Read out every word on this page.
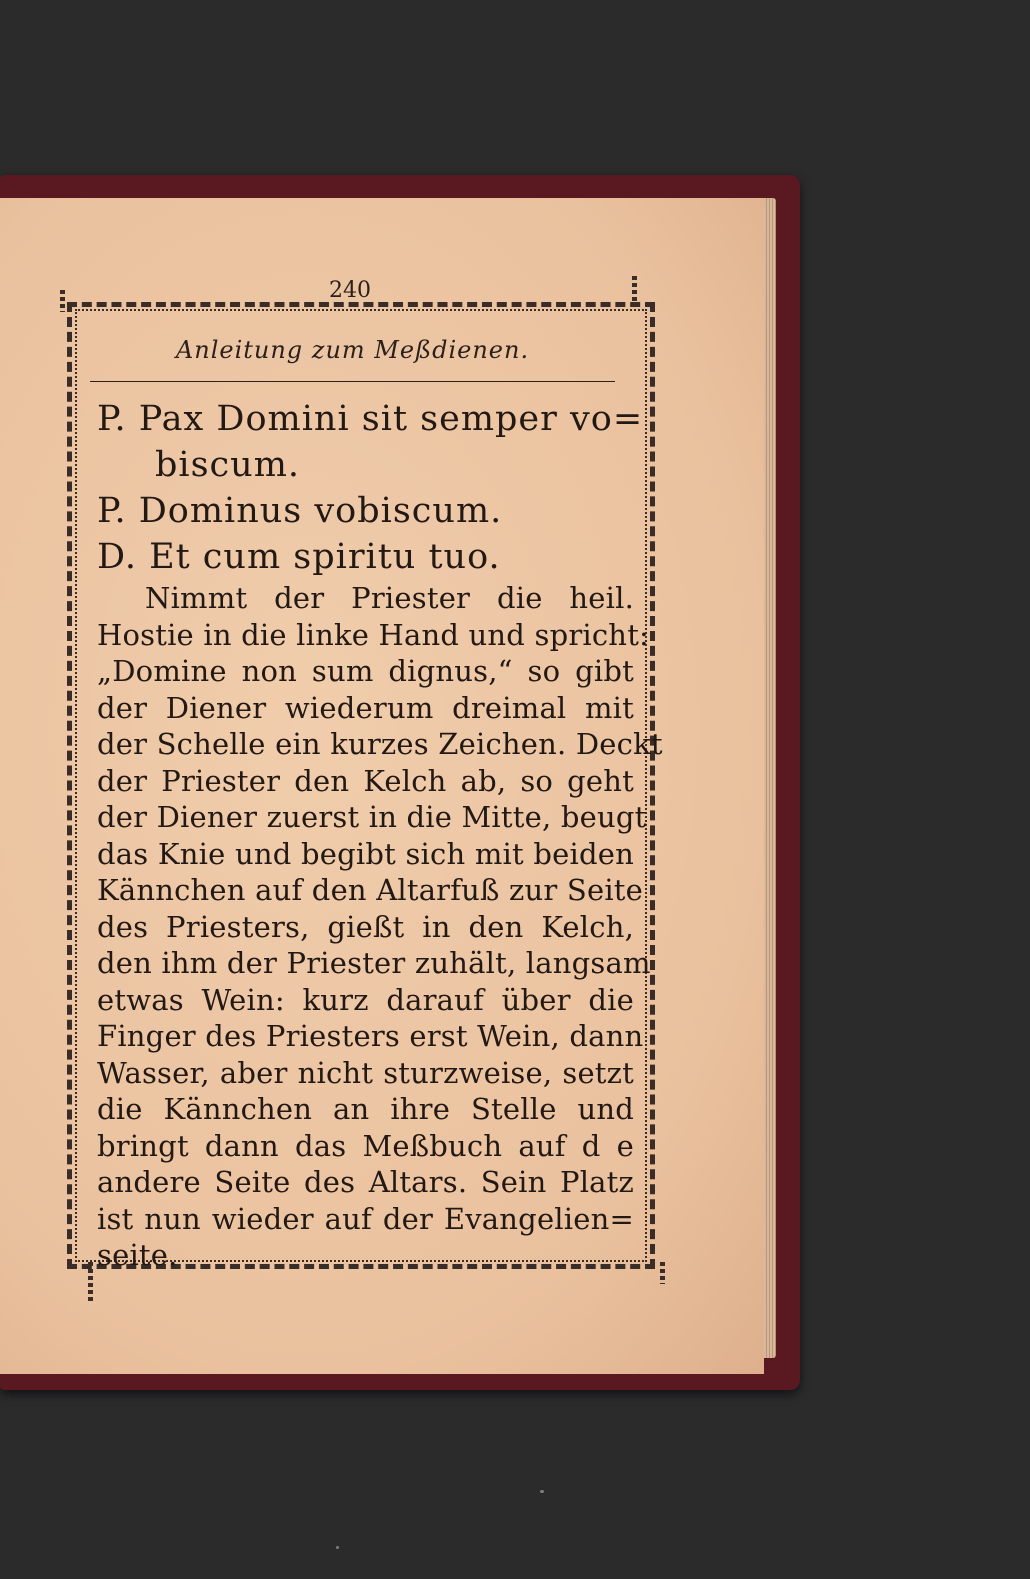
240
Anleitung zum Meßdienen.
P. Pax Domini sit semper vo=
biscum.
P. Dominus vobiscum.
D. Et cum spiritu tuo.
Nimmt der Priester die heil.
Hostie in die linke Hand und spricht:
„Domine non sum dignus,“ so gibt
der Diener wiederum dreimal mit
der Schelle ein kurzes Zeichen. Deckt
der Priester den Kelch ab, so geht
der Diener zuerst in die Mitte, beugt
das Knie und begibt sich mit beiden
Kännchen auf den Altarfuß zur Seite
des Priesters, gießt in den Kelch,
den ihm der Priester zuhält, langsam
etwas Wein: kurz darauf über die
Finger des Priesters erst Wein, dann
Wasser, aber nicht sturzweise, setzt
die Kännchen an ihre Stelle und
bringt dann das Meßbuch auf d e
andere Seite des Altars. Sein Platz
ist nun wieder auf der Evangelien=
seite.
